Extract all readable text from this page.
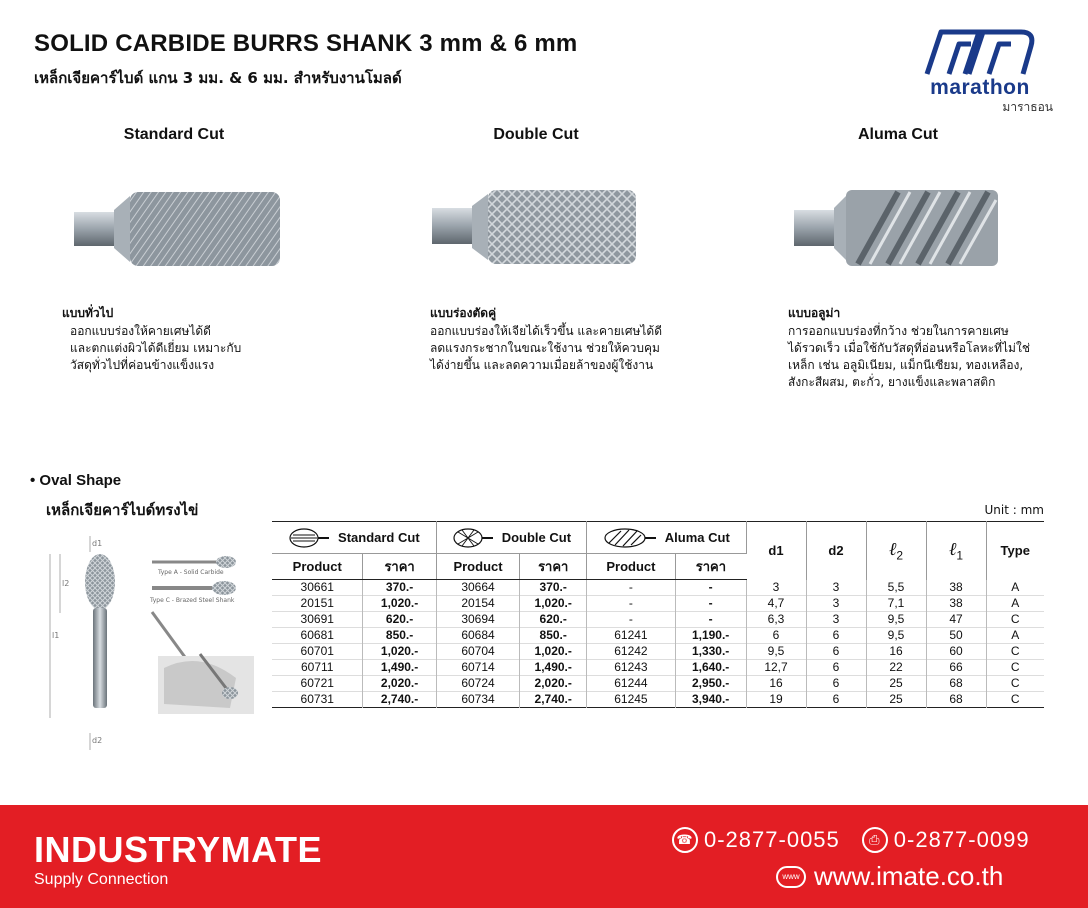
SOLID CARBIDE BURRS SHANK 3 mm & 6 mm
เหล็กเจียคาร์ไบด์ แกน 3 มม. & 6 มม. สำหรับงานโมลด์	marathon
มาราธอน
Standard Cut
แบบทั่วไป
ออกแบบร่องให้คายเศษได้ดี
และตกแต่งผิวได้ดีเยี่ยม เหมาะกับ
วัสดุทั่วไปที่ค่อนข้างแข็งแรง
Double Cut
แบบร่องตัดคู่
ออกแบบร่องให้เจียได้เร็วขึ้น และคายเศษได้ดี
ลดแรงกระชากในขณะใช้งาน ช่วยให้ควบคุม
ได้ง่ายขึ้น และลดความเมื่อยล้าของผู้ใช้งาน
Aluma Cut
แบบอลูม่า
การออกแบบร่องที่กว้าง ช่วยในการคายเศษ
ได้รวดเร็ว เมื่อใช้กับวัสดุที่อ่อนหรือโลหะที่ไม่ใช่
เหล็ก เช่น อลูมิเนียม, แม็กนีเซียม, ทองเหลือง,
สังกะสีผสม, ตะกั่ว, ยางแข็งและพลาสติก
• Oval Shape
เหล็กเจียคาร์ไบด์ทรงไข่	Unit : mm
d1
l2
l1
d2
Type A - Solid Carbide
Type C - Brazed Steel Shank
Standard Cut		Double Cut		Aluma Cut		d1	d2	ℓ$_2$	ℓ$_1$	Type
Product	ราคา	Product	ราคา	Product	ราคา					
30661	370.-	30664	370.-	-	-	3	3	5,5	38	A
20151	1,020.-	20154	1,020.-	-	-	4,7	3	7,1	38	A
30691	620.-	30694	620.-	-	-	6,3	3	9,5	47	C
60681	850.-	60684	850.-	61241	1,190.-	6	6	9,5	50	A
60701	1,020.-	60704	1,020.-	61242	1,330.-	9,5	6	16	60	C
60711	1,490.-	60714	1,490.-	61243	1,640.-	12,7	6	22	66	C
60721	2,020.-	60724	2,020.-	61244	2,950.-	16	6	25	68	C
60731	2,740.-	60734	2,740.-	61245	3,940.-	19	6	25	68	C
INDUSTRYMATE
Supply Connection
☎ 0-2877-0055	⎙ 0-2877-0099
www www.imate.co.th
